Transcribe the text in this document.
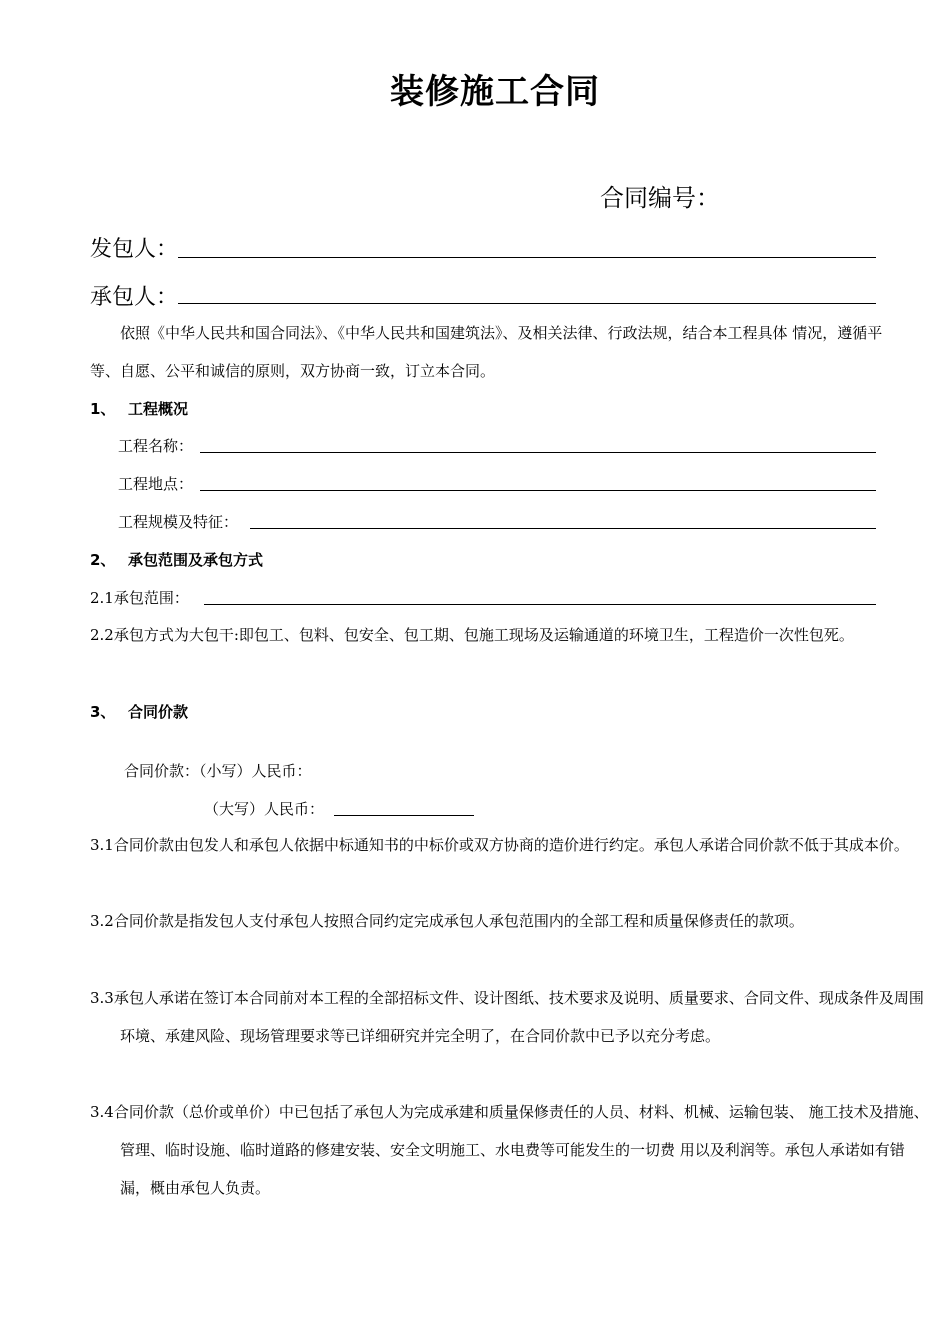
装修施工合同
合同编号：
发包人：
承包人：
依照《中华人民共和国合同法》、《中华人民共和国建筑法》、及相关法律、行政法规，结合本工程具体 情况，遵循平等、自愿、公平和诚信的原则，双方协商一致，订立本合同。
1、 工程概况
工程名称：
工程地点：
工程规模及特征：
2、 承包范围及承包方式
2.1承包范围：
2.2承包方式为大包干:即包工、包料、包安全、包工期、包施工现场及运输通道的环境卫生，工程造价一次性包死。
3、 合同价款
合同价款：（小写）人民币：
（大写）人民币：
3.1合同价款由包发人和承包人依据中标通知书的中标价或双方协商的造价进行约定。承包人承诺合同价款不低于其成本价。
3.2合同价款是指发包人支付承包人按照合同约定完成承包人承包范围内的全部工程和质量保修责任的款项。
3.3承包人承诺在签订本合同前对本工程的全部招标文件、设计图纸、技术要求及说明、质量要求、合同文件、现成条件及周围环境、承建风险、现场管理要求等已详细研究并完全明了，在合同价款中已予以充分考虑。
3.4合同价款（总价或单价）中已包括了承包人为完成承建和质量保修责任的人员、材料、机械、运输包装、 施工技术及措施、管理、临时设施、临时道路的修建安装、安全文明施工、水电费等可能发生的一切费 用以及利润等。承包人承诺如有错漏，概由承包人负责。
